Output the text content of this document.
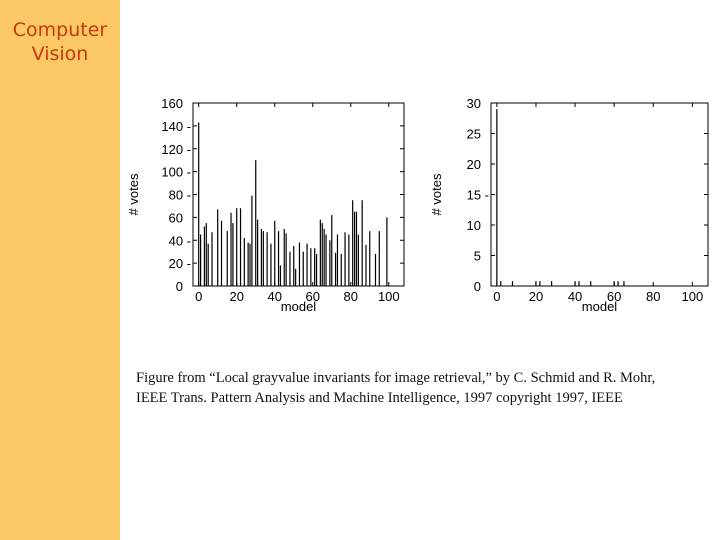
Computer
Vision
0
20 -
40 -
60
80 -
100 -
120 -
140 -
160
0 20 40 60 80 100
model
# votes
0
5
10
15 -
20
25
30
0 20 40 60 80 100
model
# votes
Figure from “Local grayvalue invariants for image retrieval,” by C. Schmid and R. Mohr,
IEEE Trans. Pattern Analysis and Machine Intelligence, 1997 copyright 1997, IEEE
